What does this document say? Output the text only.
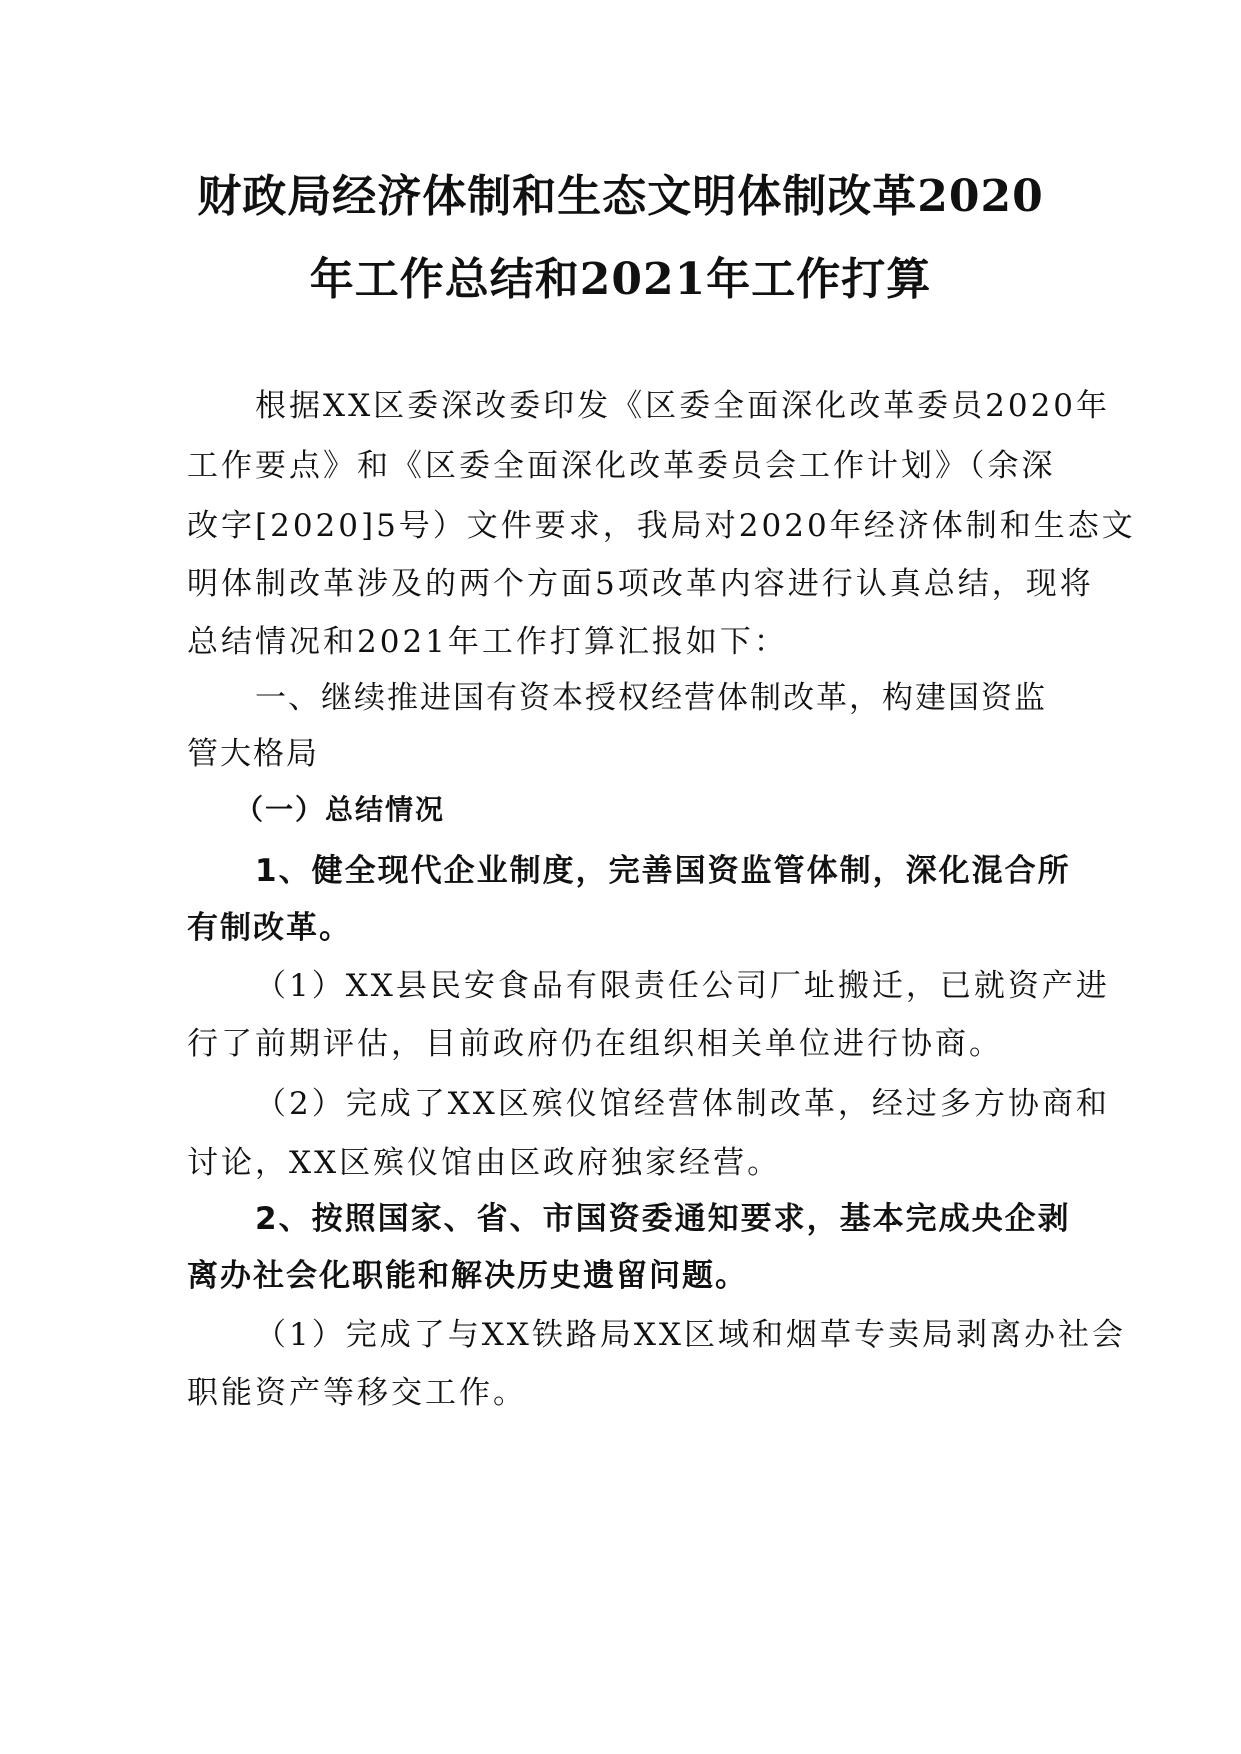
财政局经济体制和生态文明体制改革2020
年工作总结和2021年工作打算
根据XX区委深改委印发《区委全面深化改革委员2020年
工作要点》和《区委全面深化改革委员会工作计划》（余深
改字[2020]5号）文件要求，我局对2020年经济体制和生态文
明体制改革涉及的两个方面5项改革内容进行认真总结，现将
总结情况和2021年工作打算汇报如下：
一、继续推进国有资本授权经营体制改革，构建国资监
管大格局
（一）总结情况
1、健全现代企业制度，完善国资监管体制，深化混合所
有制改革。
（1）XX县民安食品有限责任公司厂址搬迁，已就资产进
行了前期评估，目前政府仍在组织相关单位进行协商。
（2）完成了XX区殡仪馆经营体制改革，经过多方协商和
讨论，XX区殡仪馆由区政府独家经营。
2、按照国家、省、市国资委通知要求，基本完成央企剥
离办社会化职能和解决历史遗留问题。
（1）完成了与XX铁路局XX区域和烟草专卖局剥离办社会
职能资产等移交工作。
